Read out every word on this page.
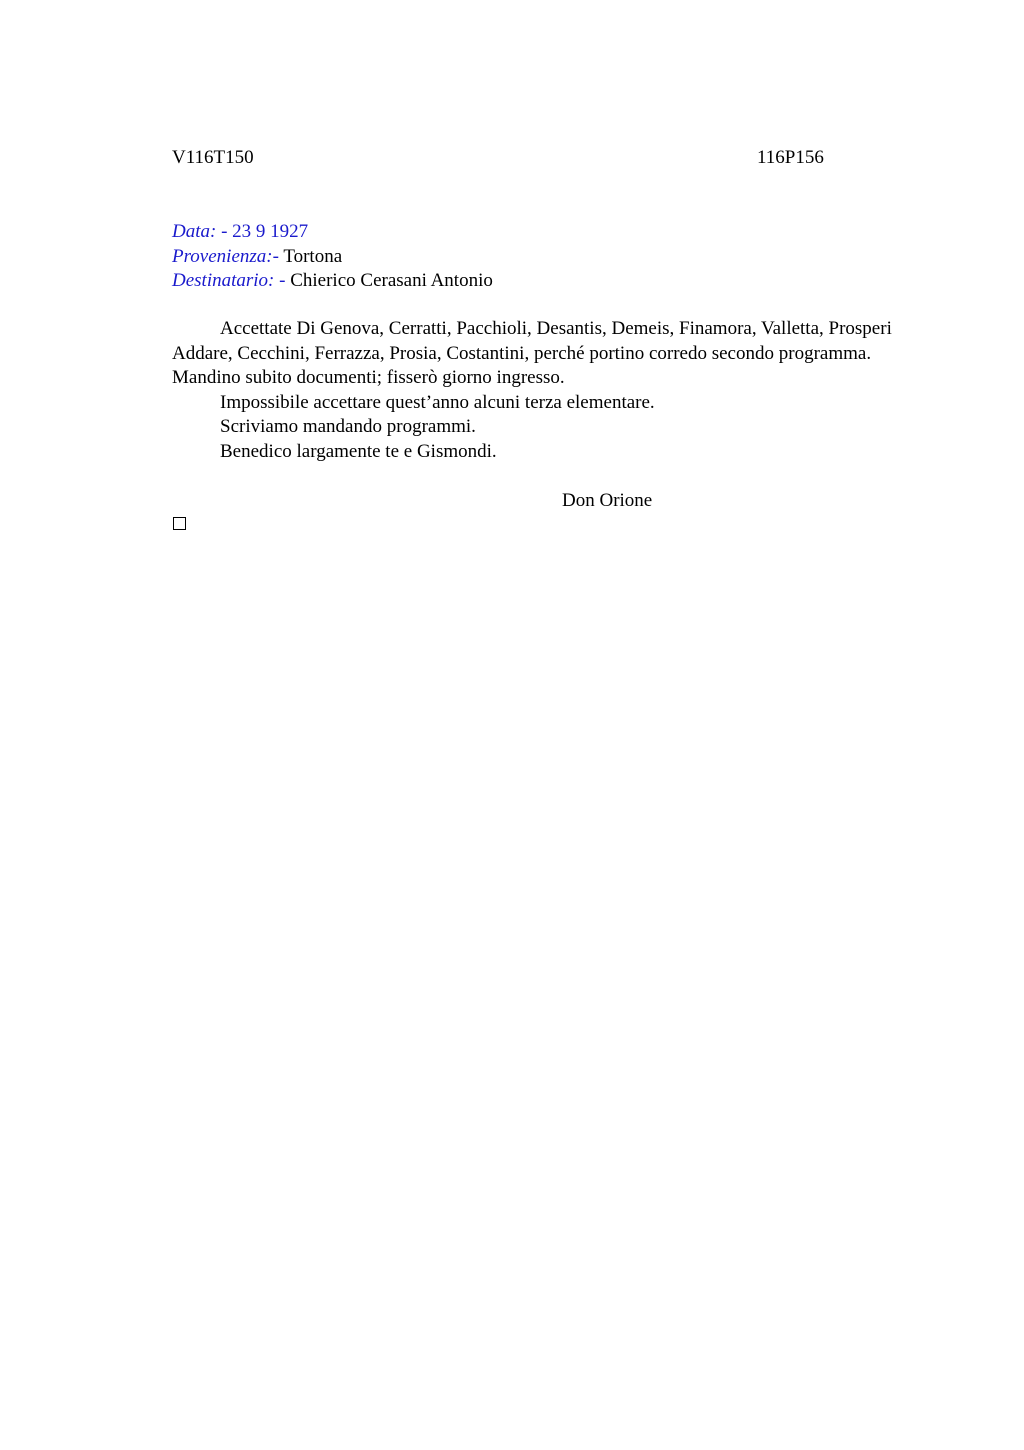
V116T150	116P156
Data: - 23 9 1927
Provenienza:- Tortona
Destinatario: - Chierico Cerasani Antonio

Accettate Di Genova, Cerratti, Pacchioli, Desantis, Demeis, Finamora, Valletta, Prosperi Addare, Cecchini, Ferrazza, Prosia, Costantini, perché portino corredo secondo programma. Mandino subito documenti; fisserò giorno ingresso.

Impossibile accettare quest’anno alcuni terza elementare.

Scriviamo mandando programmi.

Benedico largamente te e Gismondi.

Don Orione
